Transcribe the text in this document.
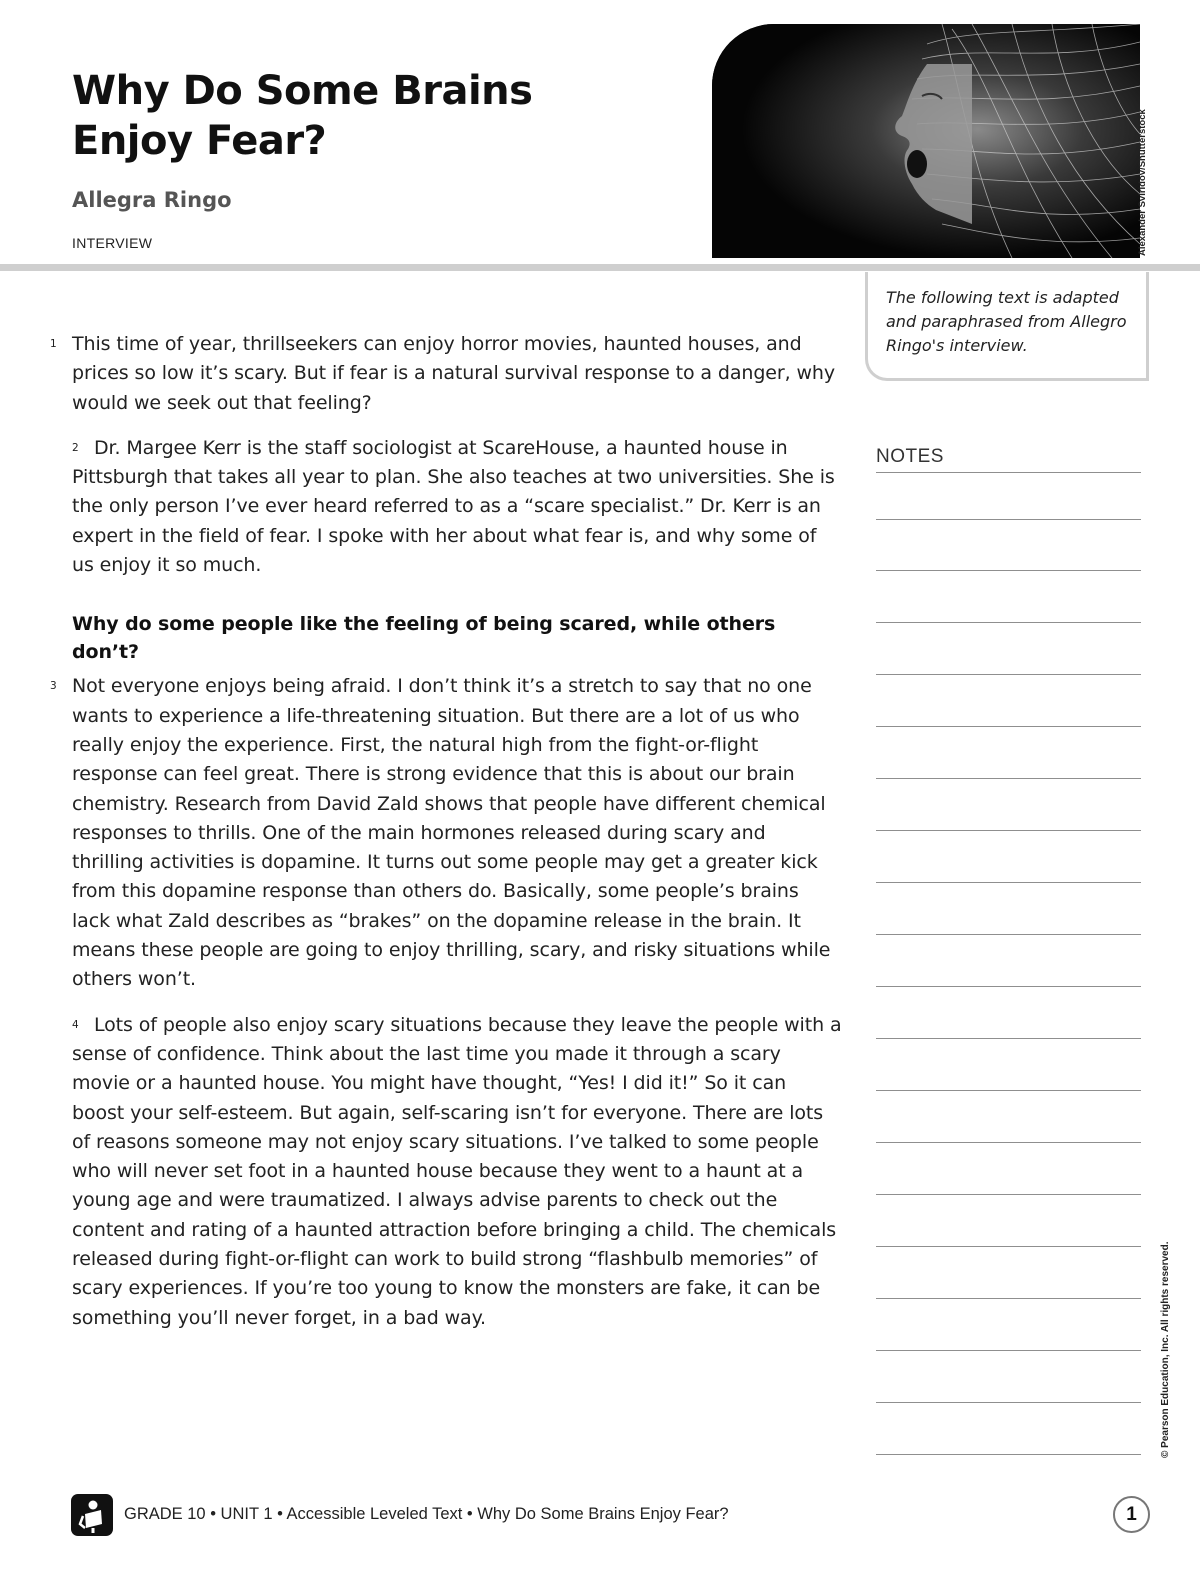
Why Do Some Brains Enjoy Fear?
Allegra Ringo
INTERVIEW	Alexander Sviridov/Shutterstock
The following text is adapted and paraphrased from Allegro Ringo's interview.
1 This time of year, thrillseekers can enjoy horror movies, haunted houses, and prices so low it’s scary. But if fear is a natural survival response to a danger, why would we seek out that feeling?
2 Dr. Margee Kerr is the staff sociologist at ScareHouse, a haunted house in Pittsburgh that takes all year to plan. She also teaches at two universities. She is the only person I’ve ever heard referred to as a “scare specialist.” Dr. Kerr is an expert in the field of fear. I spoke with her about what fear is, and why some of us enjoy it so much.
Why do some people like the feeling of being scared, while others don’t?
3 Not everyone enjoys being afraid. I don’t think it’s a stretch to say that no one wants to experience a life-threatening situation. But there are a lot of us who really enjoy the experience. First, the natural high from the fight-or-flight response can feel great. There is strong evidence that this is about our brain chemistry. Research from David Zald shows that people have different chemical responses to thrills. One of the main hormones released during scary and thrilling activities is dopamine. It turns out some people may get a greater kick from this dopamine response than others do. Basically, some people’s brains lack what Zald describes as “brakes” on the dopamine release in the brain. It means these people are going to enjoy thrilling, scary, and risky situations while others won’t.
4 Lots of people also enjoy scary situations because they leave the people with a sense of confidence. Think about the last time you made it through a scary movie or a haunted house. You might have thought, “Yes! I did it!” So it can boost your self-esteem. But again, self-scaring isn’t for everyone. There are lots of reasons someone may not enjoy scary situations. I’ve talked to some people who will never set foot in a haunted house because they went to a haunt at a young age and were traumatized. I always advise parents to check out the content and rating of a haunted attraction before bringing a child. The chemicals released during fight-or-flight can work to build strong “flashbulb memories” of scary experiences. If you’re too young to know the monsters are fake, it can be something you’ll never forget, in a bad way.
NOTES
© Pearson Education, Inc. All rights reserved.
GRADE 10 • UNIT 1 • Accessible Leveled Text • Why Do Some Brains Enjoy Fear?	1
